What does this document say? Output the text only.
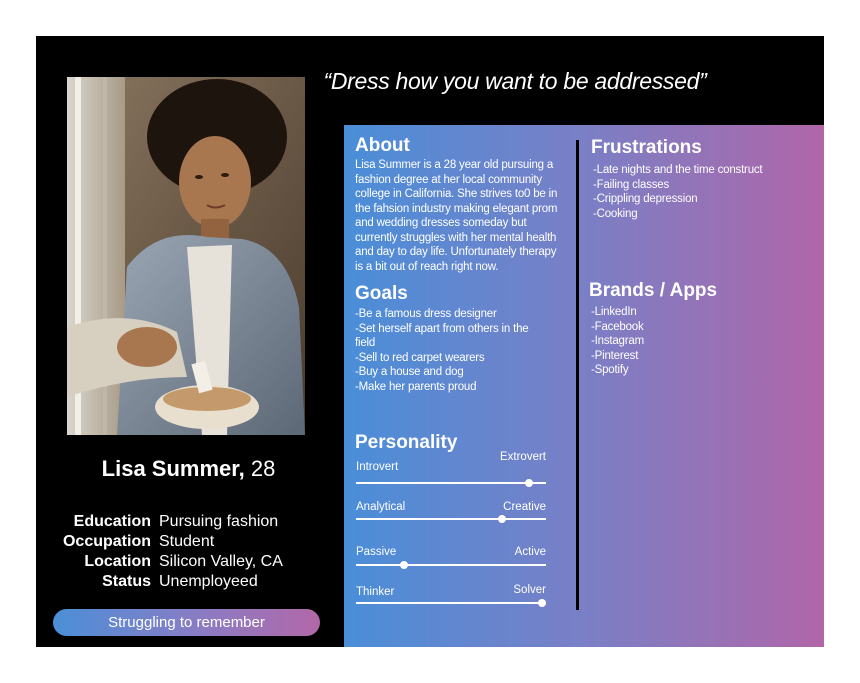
“Dress how you want to be addressed”
Lisa Summer, 28
Education Pursuing fashion
Occupation Student
Location Silicon Valley, CA
Status Unemployeed
Struggling to remember
About
Lisa Summer is a 28 year old pursuing a
fashion degree at her local community
college in California. She strives to0 be in
the fahsion industry making elegant prom
and wedding dresses someday but
currently struggles with her mental health
and day to day life. Unfortunately therapy
is a bit out of reach right now.
Goals
-Be a famous dress designer
-Set herself apart from others in the
field
-Sell to red carpet wearers
-Buy a house and dog
-Make her parents proud
Personality
Introvert
Extrovert
Analytical	Creative
Passive	Active
Thinker	Solver
Frustrations
-Late nights and the time construct
-Failing classes
-Crippling depression
-Cooking
Brands / Apps
-LinkedIn
-Facebook
-Instagram
-Pinterest
-Spotify
